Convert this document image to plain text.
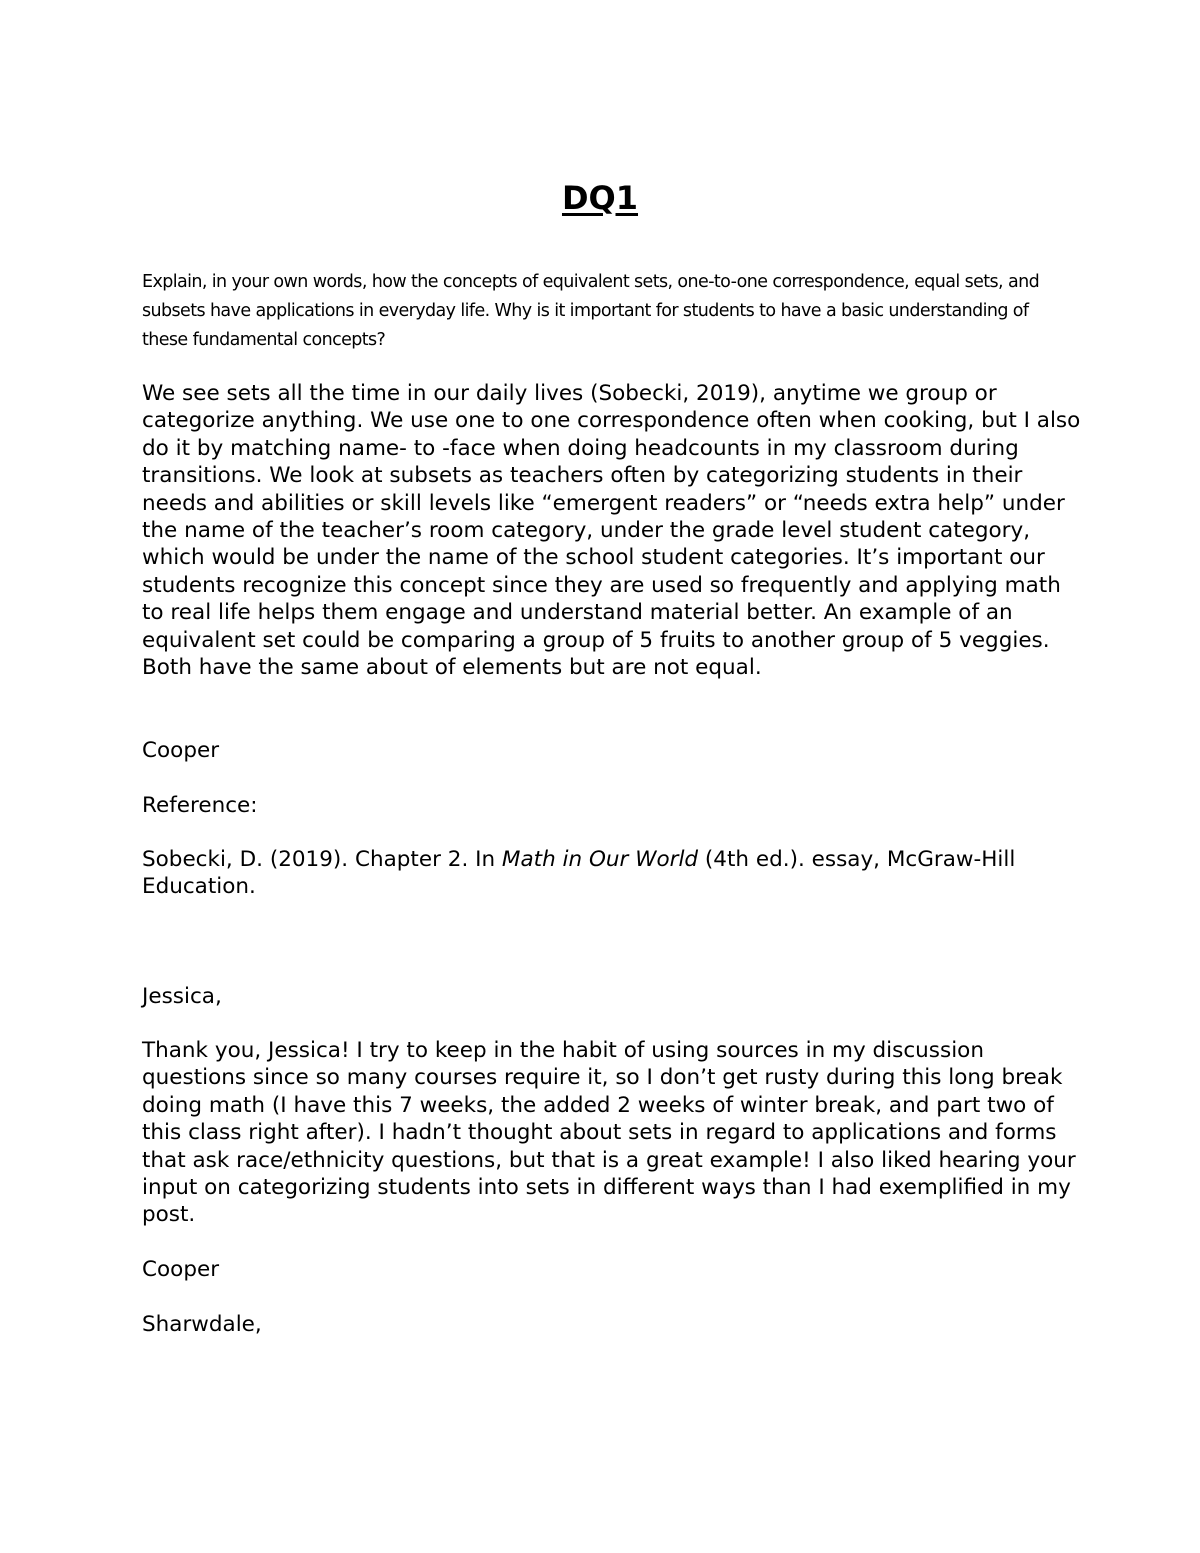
DQ1

Explain, in your own words, how the concepts of equivalent sets, one-to-one correspondence, equal sets, and subsets have applications in everyday life. Why is it important for students to have a basic understanding of these fundamental concepts?

We see sets all the time in our daily lives (Sobecki, 2019), anytime we group or categorize anything. We use one to one correspondence often when cooking, but I also do it by matching name- to -face when doing headcounts in my classroom during transitions. We look at subsets as teachers often by categorizing students in their needs and abilities or skill levels like “emergent readers” or “needs extra help” under the name of the teacher’s room category, under the grade level student category, which would be under the name of the school student categories. It’s important our students recognize this concept since they are used so frequently and applying math to real life helps them engage and understand material better. An example of an equivalent set could be comparing a group of 5 fruits to another group of 5 veggies. Both have the same about of elements but are not equal.

Cooper

Reference:

Sobecki, D. (2019). Chapter 2. In Math in Our World (4th ed.). essay, McGraw-Hill Education.

Jessica,

Thank you, Jessica! I try to keep in the habit of using sources in my discussion questions since so many courses require it, so I don’t get rusty during this long break doing math (I have this 7 weeks, the added 2 weeks of winter break, and part two of this class right after). I hadn’t thought about sets in regard to applications and forms that ask race/ethnicity questions, but that is a great example! I also liked hearing your input on categorizing students into sets in different ways than I had exemplified in my post.

Cooper

Sharwdale,
